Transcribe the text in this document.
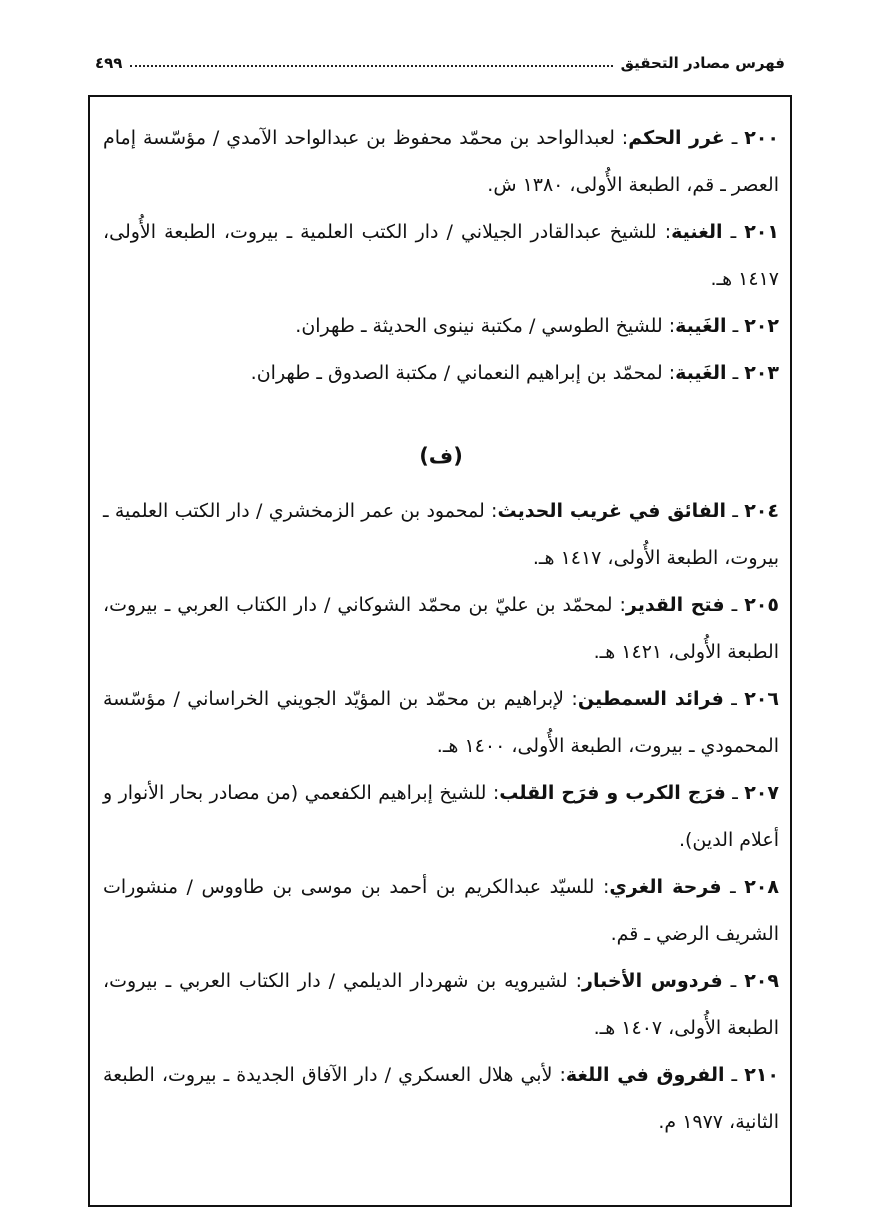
فهرس مصادر التحقيق
٤٩٩

٢٠٠ ـ غرر الحكم: لعبدالواحد بن محمّد محفوظ بن عبدالواحد الآمدي / مؤسّسة إمام العصر ـ قم، الطبعة الأُولى، ١٣٨٠ ش.

٢٠١ ـ الغنية: للشيخ عبدالقادر الجيلاني / دار الكتب العلمية ـ بيروت، الطبعة الأُولى، ١٤١٧ هـ.

٢٠٢ ـ الغَيبة: للشيخ الطوسي / مكتبة نينوى الحديثة ـ طهران.

٢٠٣ ـ الغَيبة: لمحمّد بن إبراهيم النعماني / مكتبة الصدوق ـ طهران.

(ف)

٢٠٤ ـ الفائق في غريب الحديث: لمحمود بن عمر الزمخشري / دار الكتب العلمية ـ بيروت، الطبعة الأُولى، ١٤١٧ هـ.

٢٠٥ ـ فتح القدير: لمحمّد بن عليّ بن محمّد الشوكاني / دار الكتاب العربي ـ بيروت، الطبعة الأُولى، ١٤٢١ هـ.

٢٠٦ ـ فرائد السمطين: لإبراهيم بن محمّد بن المؤيّد الجويني الخراساني / مؤسّسة المحمودي ـ بيروت، الطبعة الأُولى، ١٤٠٠ هـ.

٢٠٧ ـ فرَج الكرب و فرَح القلب: للشيخ إبراهيم الكفعمي (من مصادر بحار الأنوار و أعلام الدين).

٢٠٨ ـ فرحة الغري: للسيّد عبدالكريم بن أحمد بن موسى بن طاووس / منشورات الشريف الرضي ـ قم.

٢٠٩ ـ فردوس الأخبار: لشيرويه بن شهردار الديلمي / دار الكتاب العربي ـ بيروت، الطبعة الأُولى، ١٤٠٧ هـ.

٢١٠ ـ الفروق في اللغة: لأبي هلال العسكري / دار الآفاق الجديدة ـ بيروت، الطبعة الثانية، ١٩٧٧ م.
